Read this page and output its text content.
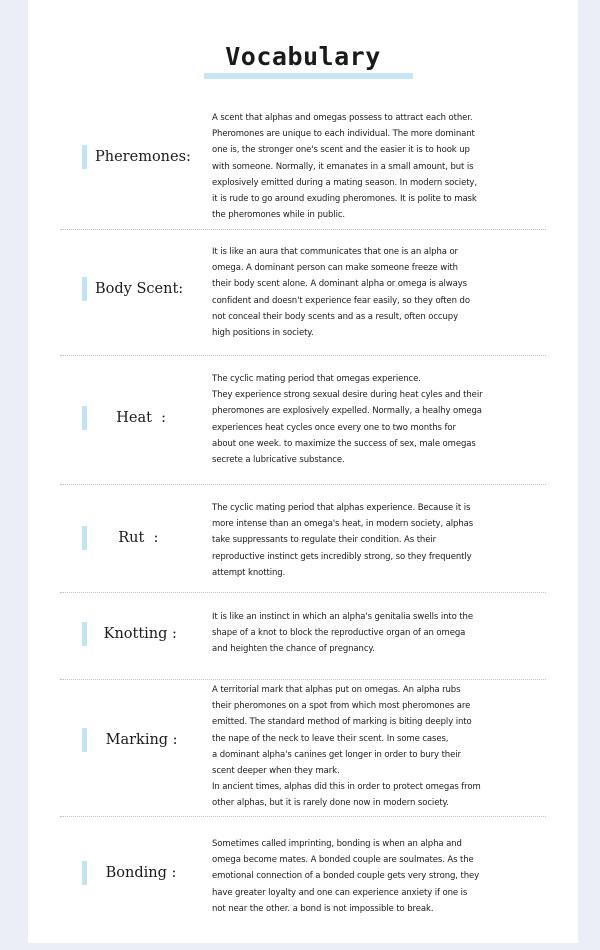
Vocabulary
Pheremones:
A scent that alphas and omegas possess to attract each other.
Pheromones are unique to each individual. The more dominant
one is, the stronger one's scent and the easier it is to hook up
with someone. Normally, it emanates in a small amount, but is
explosively emitted during a mating season. In modern society,
it is rude to go around exuding pheromones. It is polite to mask
the pheromones while in public.
Body Scent:
It is like an aura that communicates that one is an alpha or
omega. A dominant person can make someone freeze with
their body scent alone. A dominant alpha or omega is always
confident and doesn't experience fear easily, so they often do
not conceal their body scents and as a result, often occupy
high positions in society.
Heat  :
The cyclic mating period that omegas experience.
They experience strong sexual desire during heat cyles and their
pheromones are explosively expelled. Normally, a healhy omega
experiences heat cycles once every one to two months for
about one week. to maximize the success of sex, male omegas
secrete a lubricative substance.
Rut  :
The cyclic mating period that alphas experience. Because it is
more intense than an omega's heat, in modern society, alphas
take suppressants to regulate their condition. As their
reproductive instinct gets incredibly strong, so they frequently
attempt knotting.
Knotting :
It is like an instinct in which an alpha's genitalia swells into the
shape of a knot to block the reproductive organ of an omega
and heighten the chance of pregnancy.
Marking :
A territorial mark that alphas put on omegas. An alpha rubs
their pheromones on a spot from which most pheromones are
emitted. The standard method of marking is biting deeply into
the nape of the neck to leave their scent. In some cases,
a dominant alpha's canines get longer in order to bury their
scent deeper when they mark.
In ancient times, alphas did this in order to protect omegas from
other alphas, but it is rarely done now in modern society.
Bonding :
Sometimes called imprinting, bonding is when an alpha and
omega become mates. A bonded couple are soulmates. As the
emotional connection of a bonded couple gets very strong, they
have greater loyalty and one can experience anxiety if one is
not near the other. a bond is not impossible to break.
